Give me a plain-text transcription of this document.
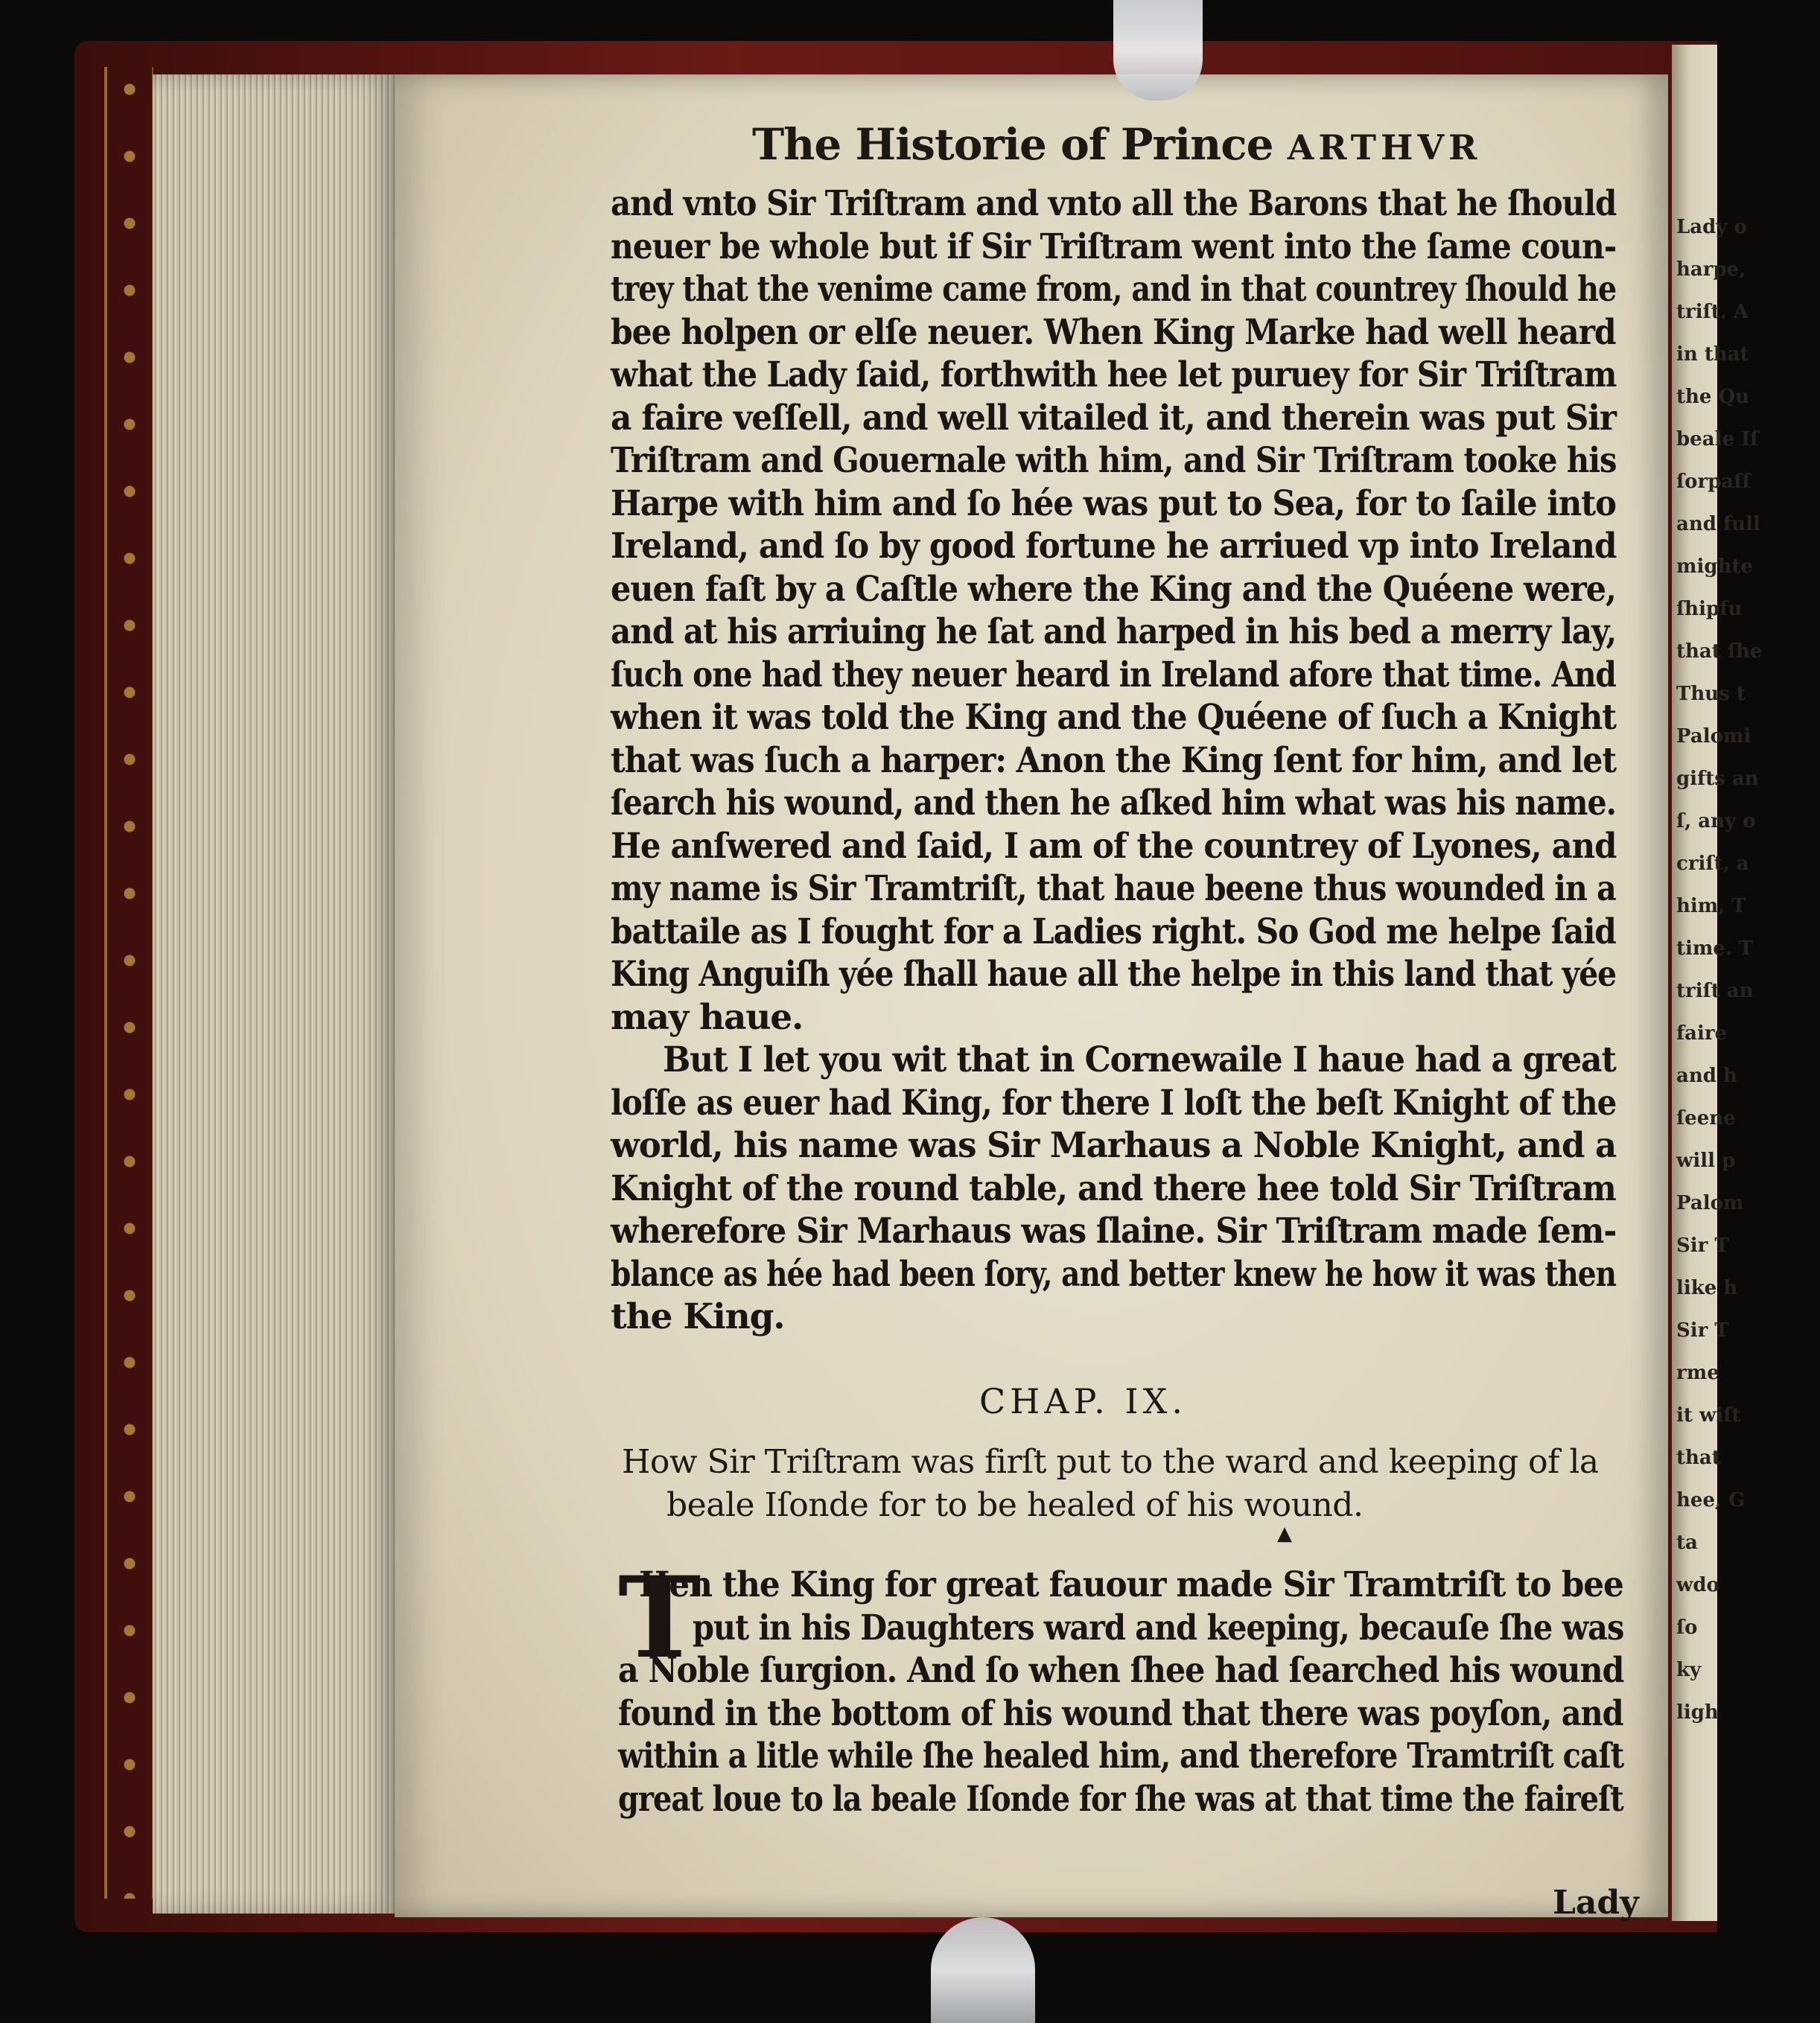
Lady o
harpe,
triſt. A
in that
the Qu
beale Iſ
ſorpaſſ
and full
mighte
ſhipfu
that ſhe
Thus t
Palomi
gifts an
ſ, any o
criſt, a
him, T
time. T
triſt an
faire
and h
ſeene
will p
Palom
Sir T
like h
Sir T
rme
it wiſt
that
hee, G
ta
wdo
ſo
ky
ligh
The Historie of Prince ARTHVR
and vnto Sir Triſtram and vnto all the Barons that he ſhould
neuer be whole but if Sir Triſtram went into the ſame coun-
trey that the venime came from, and in that countrey ſhould he
bee holpen or elſe neuer. When King Marke had well heard
what the Lady ſaid, forthwith hee let puruey for Sir Triſtram
a faire veſſell, and well vitailed it, and therein was put Sir
Triſtram and Gouernale with him, and Sir Triſtram tooke his
Harpe with him and ſo hée was put to Sea, for to ſaile into
Ireland, and ſo by good fortune he arriued vp into Ireland
euen faſt by a Caſtle where the King and the Quéene were,
and at his arriuing he ſat and harped in his bed a merry lay,
ſuch one had they neuer heard in Ireland afore that time. And
when it was told the King and the Quéene of ſuch a Knight
that was ſuch a harper: Anon the King ſent for him, and let
ſearch his wound, and then he aſked him what was his name.
He anſwered and ſaid, I am of the countrey of Lyones, and
my name is Sir Tramtriſt, that haue beene thus wounded in a
battaile as I fought for a Ladies right. So God me helpe ſaid
King Anguiſh yée ſhall haue all the helpe in this land that yée
may haue.
But I let you wit that in Cornewaile I haue had a great
loſſe as euer had King, for there I loſt the beſt Knight of the
world, his name was Sir Marhaus a Noble Knight, and a
Knight of the round table, and there hee told Sir Triſtram
wherefore Sir Marhaus was ſlaine. Sir Triſtram made ſem-
blance as hée had been ſory, and better knew he how it was then
the King.
CHAP. IX.
How Sir Triſtram was firſt put to the ward and keeping of la
beale Iſonde for to be healed of his wound.
▲
T
Hen the King for great fauour made Sir Tramtriſt to bee
put in his Daughters ward and keeping, becauſe ſhe was
a Noble ſurgion. And ſo when ſhee had ſearched his wound
found in the bottom of his wound that there was poyſon, and
within a litle while ſhe healed him, and therefore Tramtriſt caſt
great loue to la beale Iſonde for ſhe was at that time the faireſt
Lady
